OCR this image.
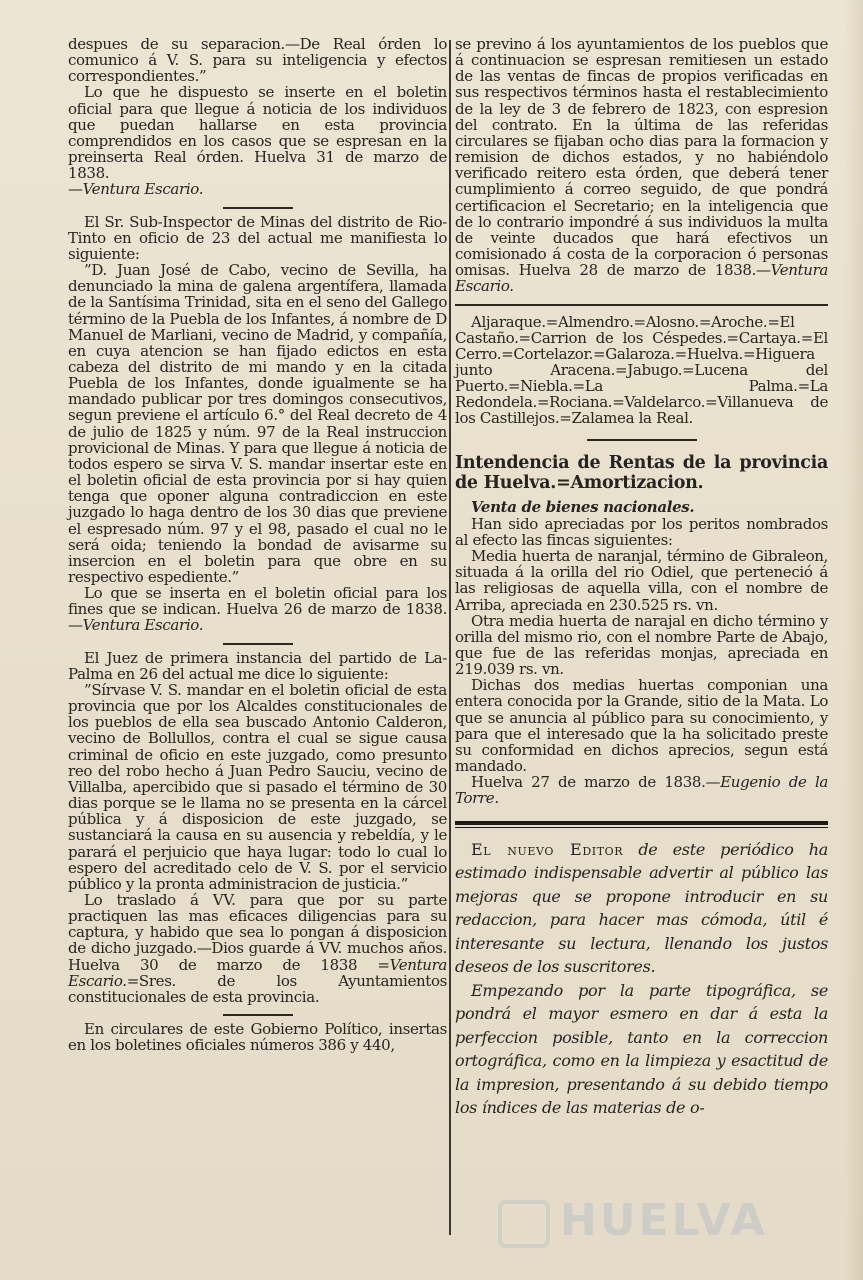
despues de su separacion.—De Real órden lo comunico á V. S. para su inteligencia y efectos correspondientes.”

Lo que he dispuesto se inserte en el boletin oficial para que llegue á noticia de los individuos que puedan hallarse en esta provincia comprendidos en los casos que se espresan en la preinserta Real órden. Huelva 31 de marzo de 1838.

—Ventura Escario.

El Sr. Sub-Inspector de Minas del distrito de Rio-Tinto en oficio de 23 del actual me manifiesta lo siguiente:

”D. Juan José de Cabo, vecino de Sevilla, ha denunciado la mina de galena argentífera, llamada de la Santísima Trinidad, sita en el seno del Gallego término de la Puebla de los Infantes, á nombre de D Manuel de Marliani, vecino de Madrid, y compañía, en cuya atencion se han fijado edictos en esta cabeza del distrito de mi mando y en la citada Puebla de los Infantes, donde igualmente se ha mandado publicar por tres domingos consecutivos, segun previene el artículo 6.° del Real decreto de 4 de julio de 1825 y núm. 97 de la Real instruccion provicional de Minas. Y para que llegue á noticia de todos espero se sirva V. S. mandar insertar este en el boletin oficial de esta provincia por si hay quien tenga que oponer alguna contradiccion en este juzgado lo haga dentro de los 30 dias que previene el espresado núm. 97 y el 98, pasado el cual no le será oida; teniendo la bondad de avisarme su insercion en el boletin para que obre en su respectivo espediente.”

Lo que se inserta en el boletin oficial para los fines que se indican. Huelva 26 de marzo de 1838.—Ventura Escario.

El Juez de primera instancia del partido de La-Palma en 26 del actual me dice lo siguiente:

”Sírvase V. S. mandar en el boletin oficial de esta provincia que por los Alcaldes constitucionales de los pueblos de ella sea buscado Antonio Calderon, vecino de Bollullos, contra el cual se sigue causa criminal de oficio en este juzgado, como presunto reo del robo hecho á Juan Pedro Sauciu, vecino de Villalba, apercibido que si pasado el término de 30 dias porque se le llama no se presenta en la cárcel pública y á disposicion de este juzgado, se sustanciará la causa en su ausencia y rebeldía, y le parará el perjuicio que haya lugar: todo lo cual lo espero del acreditado celo de V. S. por el servicio público y la pronta administracion de justicia.”

Lo traslado á VV. para que por su parte practiquen las mas eficaces diligencias para su captura, y habido que sea lo pongan á disposicion de dicho juzgado.—Dios guarde á VV. muchos años. Huelva 30 de marzo de 1838 =Ventura Escario.=Sres. de los Ayuntamientos constitucionales de esta provincia.

En circulares de este Gobierno Político, insertas en los boletines oficiales números 386 y 440,

se previno á los ayuntamientos de los pueblos que á continuacion se espresan remitiesen un estado de las ventas de fincas de propios verificadas en sus respectivos términos hasta el restablecimiento de la ley de 3 de febrero de 1823, con espresion del contrato. En la última de las referidas circulares se fijaban ocho dias para la formacion y remision de dichos estados, y no habiéndolo verificado reitero esta órden, que deberá tener cumplimiento á correo seguido, de que pondrá certificacion el Secretario; en la inteligencia que de lo contrario impondré á sus individuos la multa de veinte ducados que hará efectivos un comisionado á costa de la corporacion ó personas omisas. Huelva 28 de marzo de 1838.—Ventura Escario.

Aljaraque.=Almendro.=Alosno.=Aroche.=El Castaño.=Carrion de los Céspedes.=Cartaya.=El Cerro.=Cortelazor.=Galaroza.=Huelva.=Higuera junto Aracena.=Jabugo.=Lucena del Puerto.=Niebla.=La Palma.=La Redondela.=Rociana.=Valdelarco.=Villanueva de los Castillejos.=Zalamea la Real.

Intendencia de Rentas de la provincia de Huelva.=Amortizacion.

Venta de bienes nacionales.

Han sido apreciadas por los peritos nombrados al efecto las fincas siguientes:

Media huerta de naranjal, término de Gibraleon, situada á la orilla del rio Odiel, que perteneció á las religiosas de aquella villa, con el nombre de Arriba, apreciada en 230.525 rs. vn.

Otra media huerta de narajal en dicho término y orilla del mismo rio, con el nombre Parte de Abajo, que fue de las referidas monjas, apreciada en 219.039 rs. vn.

Dichas dos medias huertas componian una entera conocida por la Grande, sitio de la Mata. Lo que se anuncia al público para su conocimiento, y para que el interesado que la ha solicitado preste su conformidad en dichos aprecios, segun está mandado.

Huelva 27 de marzo de 1838.—Eugenio de la Torre.

El nuevo Editor de este periódico ha estimado indispensable advertir al público las mejoras que se propone introducir en su redaccion, para hacer mas cómoda, útil é interesante su lectura, llenando los justos deseos de los suscritores.

Empezando por la parte tipográfica, se pondrá el mayor esmero en dar á esta la perfeccion posible, tanto en la correccion ortográfica, como en la limpieza y esactitud de la impresion, presentando á su debido tiempo los índices de las materias de o-

HUELVA
